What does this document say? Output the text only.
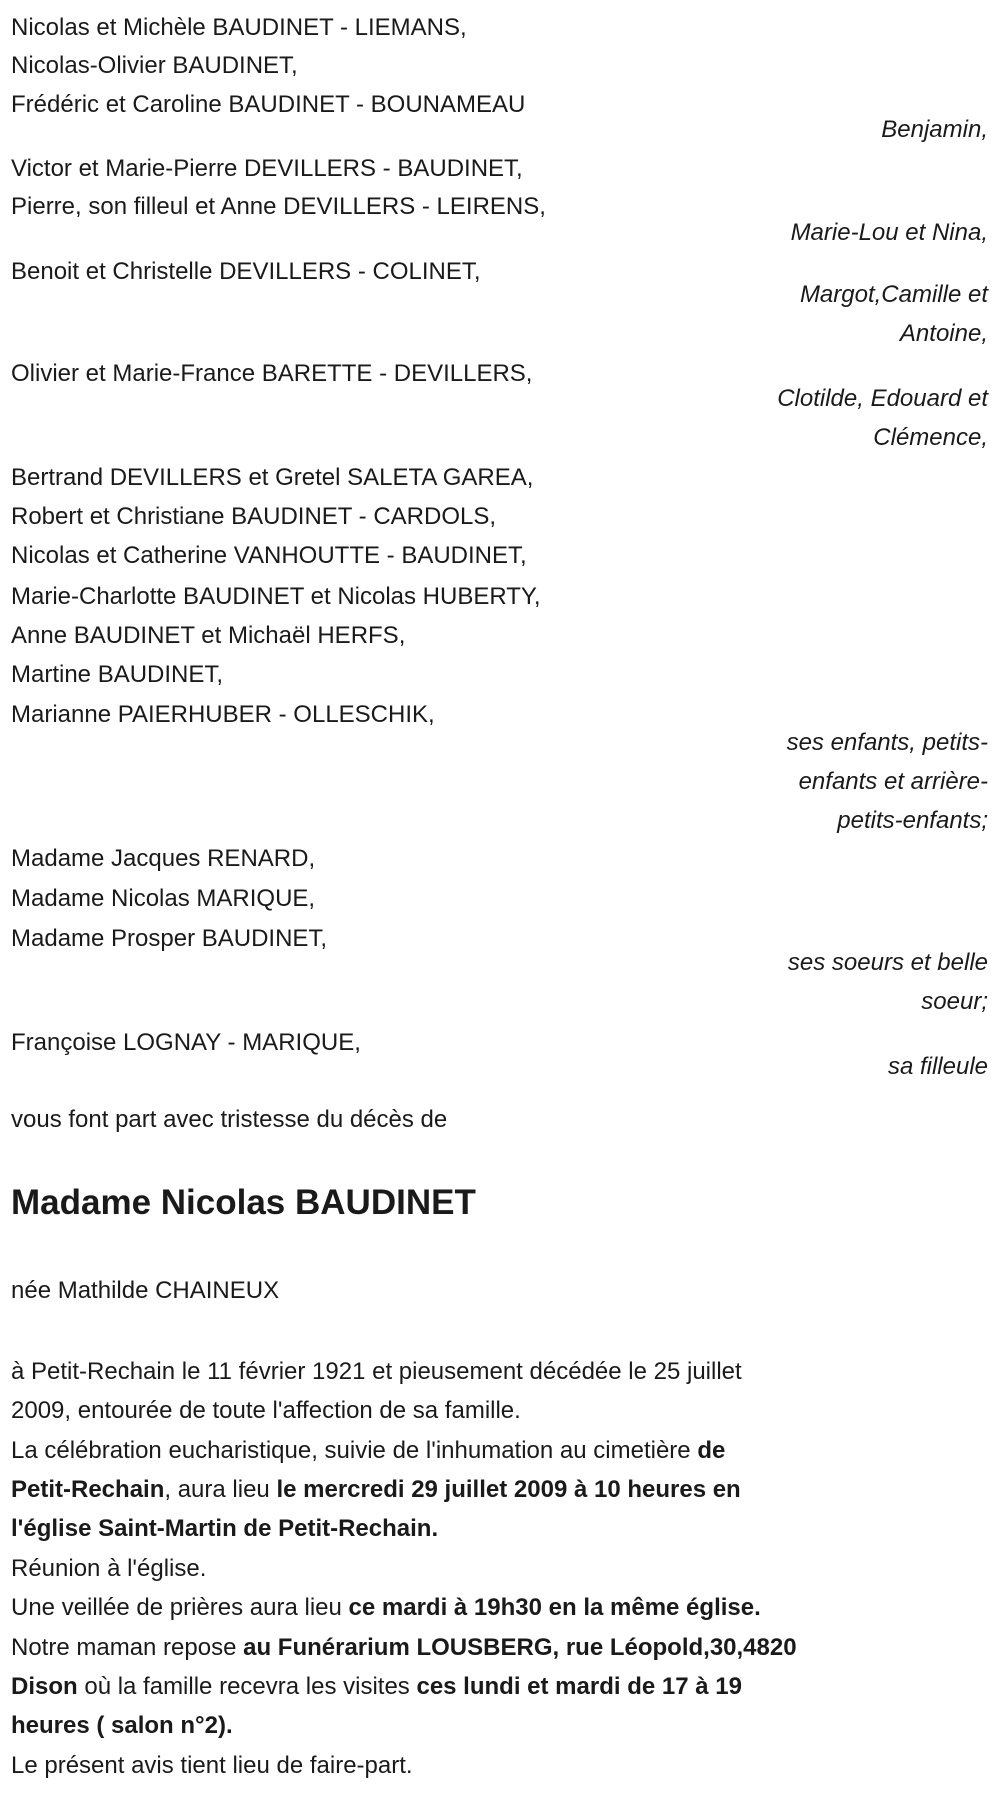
Nicolas et Michèle BAUDINET - LIEMANS,
Nicolas-Olivier BAUDINET,
Frédéric et Caroline BAUDINET - BOUNAMEAU
Victor et Marie-Pierre DEVILLERS - BAUDINET,
Pierre, son filleul et Anne DEVILLERS - LEIRENS,
Benoit et Christelle DEVILLERS - COLINET,
Olivier et Marie-France BARETTE - DEVILLERS,
Bertrand DEVILLERS et Gretel SALETA GAREA,
Robert et Christiane BAUDINET - CARDOLS,
Nicolas et Catherine VANHOUTTE - BAUDINET,
Marie-Charlotte BAUDINET et Nicolas HUBERTY,
Anne BAUDINET et Michaël HERFS,
Martine BAUDINET,
Marianne PAIERHUBER - OLLESCHIK,
Madame Jacques RENARD,
Madame Nicolas MARIQUE,
Madame Prosper BAUDINET,
Françoise LOGNAY - MARIQUE,
Benjamin,
Marie-Lou et Nina,
Margot,Camille et
Antoine,
Clotilde, Edouard et
Clémence,
ses enfants, petits-
enfants et arrière-
petits-enfants;
ses soeurs et belle
soeur;
sa filleule
vous font part avec tristesse du décès de
Madame Nicolas BAUDINET
née Mathilde CHAINEUX
à Petit-Rechain le 11 février 1921 et pieusement décédée le 25 juillet
2009, entourée de toute l'affection de sa famille.
La célébration eucharistique, suivie de l'inhumation au cimetière de
Petit-Rechain, aura lieu le mercredi 29 juillet 2009 à 10 heures en
l'église Saint-Martin de Petit-Rechain.
Réunion à l'église.
Une veillée de prières aura lieu ce mardi à 19h30 en la même église.
Notre maman repose au Funérarium LOUSBERG, rue Léopold,30,4820
Dison où la famille recevra les visites ces lundi et mardi de 17 à 19
heures ( salon n°2).
Le présent avis tient lieu de faire-part.
